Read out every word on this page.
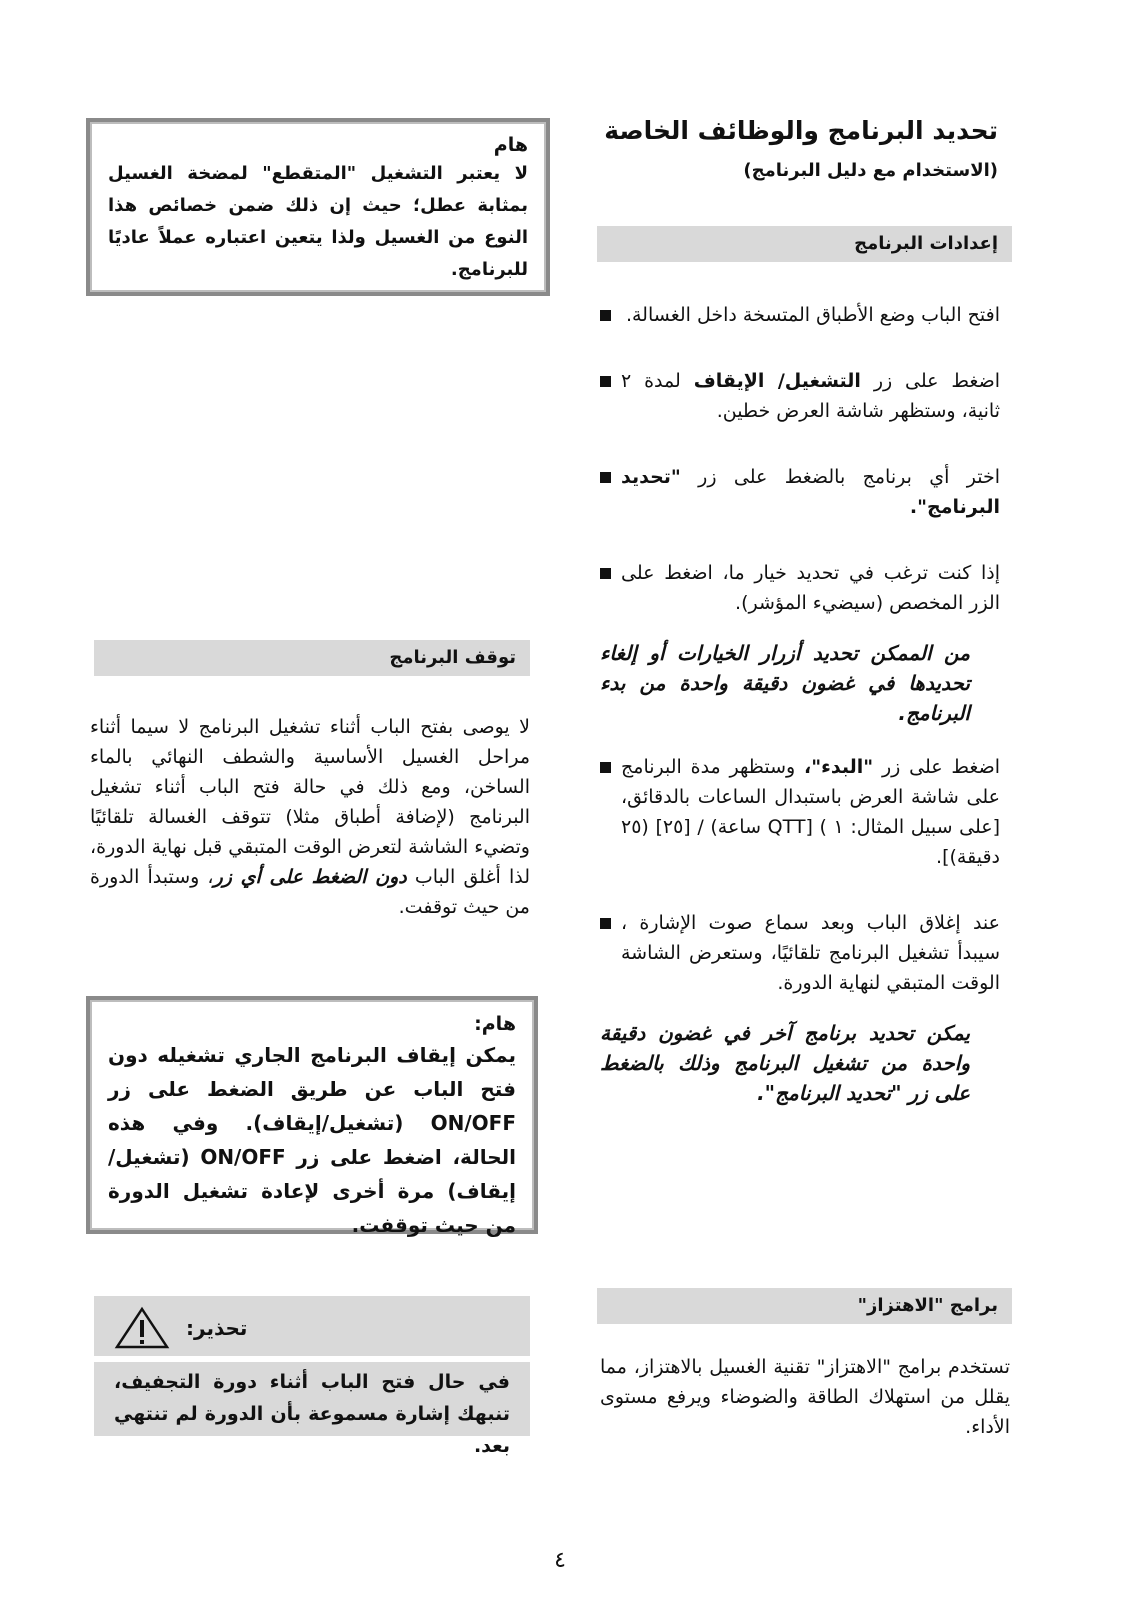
تحديد البرنامج والوظائف الخاصة
(الاستخدام مع دليل البرنامج)
إعدادات البرنامج
افتح الباب وضع الأطباق المتسخة داخل الغسالة.
اضغط على زر التشغيل/ الإيقاف لمدة ٢ ثانية، وستظهر شاشة العرض خطين.
اختر أي برنامج بالضغط على زر "تحديد البرنامج".
إذا كنت ترغب في تحديد خيار ما، اضغط على الزر المخصص (سيضيء المؤشر).
من الممكن تحديد أزرار الخيارات أو إلغاء تحديدها في غضون دقيقة واحدة من بدء البرنامج.
اضغط على زر "البدء"، وستظهر مدة البرنامج على شاشة العرض باستبدال الساعات بالدقائق، [على سبيل المثال: ١ ) [QTT ساعة) / [٢٥] (٢٥ دقيقة)].
عند إغلاق الباب وبعد سماع صوت الإشارة ، سيبدأ تشغيل البرنامج تلقائيًا، وستعرض الشاشة الوقت المتبقي لنهاية الدورة.
يمكن تحديد برنامج آخر في غضون دقيقة واحدة من تشغيل البرنامج وذلك بالضغط على زر "تحديد البرنامج".
برامج "الاهتزاز"
تستخدم برامج "الاهتزاز" تقنية الغسيل بالاهتزاز، مما يقلل من استهلاك الطاقة والضوضاء ويرفع مستوى الأداء.
هام
لا يعتبر التشغيل "المتقطع" لمضخة الغسيل بمثابة عطل؛ حيث إن ذلك ضمن خصائص هذا النوع من الغسيل ولذا يتعين اعتباره عملاً عاديًا للبرنامج.
توقف البرنامج
لا يوصى بفتح الباب أثناء تشغيل البرنامج لا سيما أثناء مراحل الغسيل الأساسية والشطف النهائي بالماء الساخن، ومع ذلك في حالة فتح الباب أثناء تشغيل البرنامج (لإضافة أطباق مثلا) تتوقف الغسالة تلقائيًا وتضيء الشاشة لتعرض الوقت المتبقي قبل نهاية الدورة، لذا أغلق الباب دون الضغط على أي زر، وستبدأ الدورة من حيث توقفت.
هام:
يمكن إيقاف البرنامج الجاري تشغيله دون فتح الباب عن طريق الضغط على زر ON/OFF (تشغيل/إيقاف). وفي هذه الحالة، اضغط على زر ON/OFF (تشغيل/إيقاف) مرة أخرى لإعادة تشغيل الدورة من حيث توقفت.
تحذير:
في حال فتح الباب أثناء دورة التجفيف، تنبهك إشارة مسموعة بأن الدورة لم تنتهي بعد.
٤
